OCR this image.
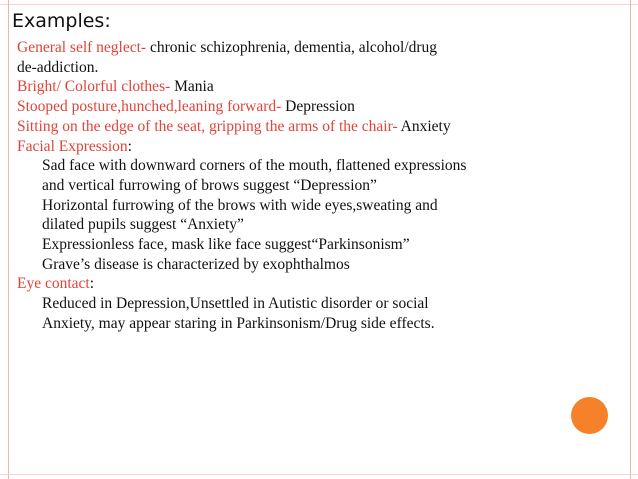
Examples:
General self neglect- chronic schizophrenia, dementia, alcohol/drug
de-addiction.
Bright/ Colorful clothes- Mania
Stooped posture,hunched,leaning forward- Depression
Sitting on the edge of the seat, gripping the arms of the chair- Anxiety
Facial Expression:
Sad face with downward corners of the mouth, flattened expressions
and vertical furrowing of brows suggest “Depression”
Horizontal furrowing of the brows with wide eyes,sweating and
dilated pupils suggest “Anxiety”
Expressionless face, mask like face suggest“Parkinsonism”
Grave’s disease is characterized by exophthalmos
Eye contact:
Reduced in Depression,Unsettled in Autistic disorder or social
Anxiety, may appear staring in Parkinsonism/Drug side effects.
